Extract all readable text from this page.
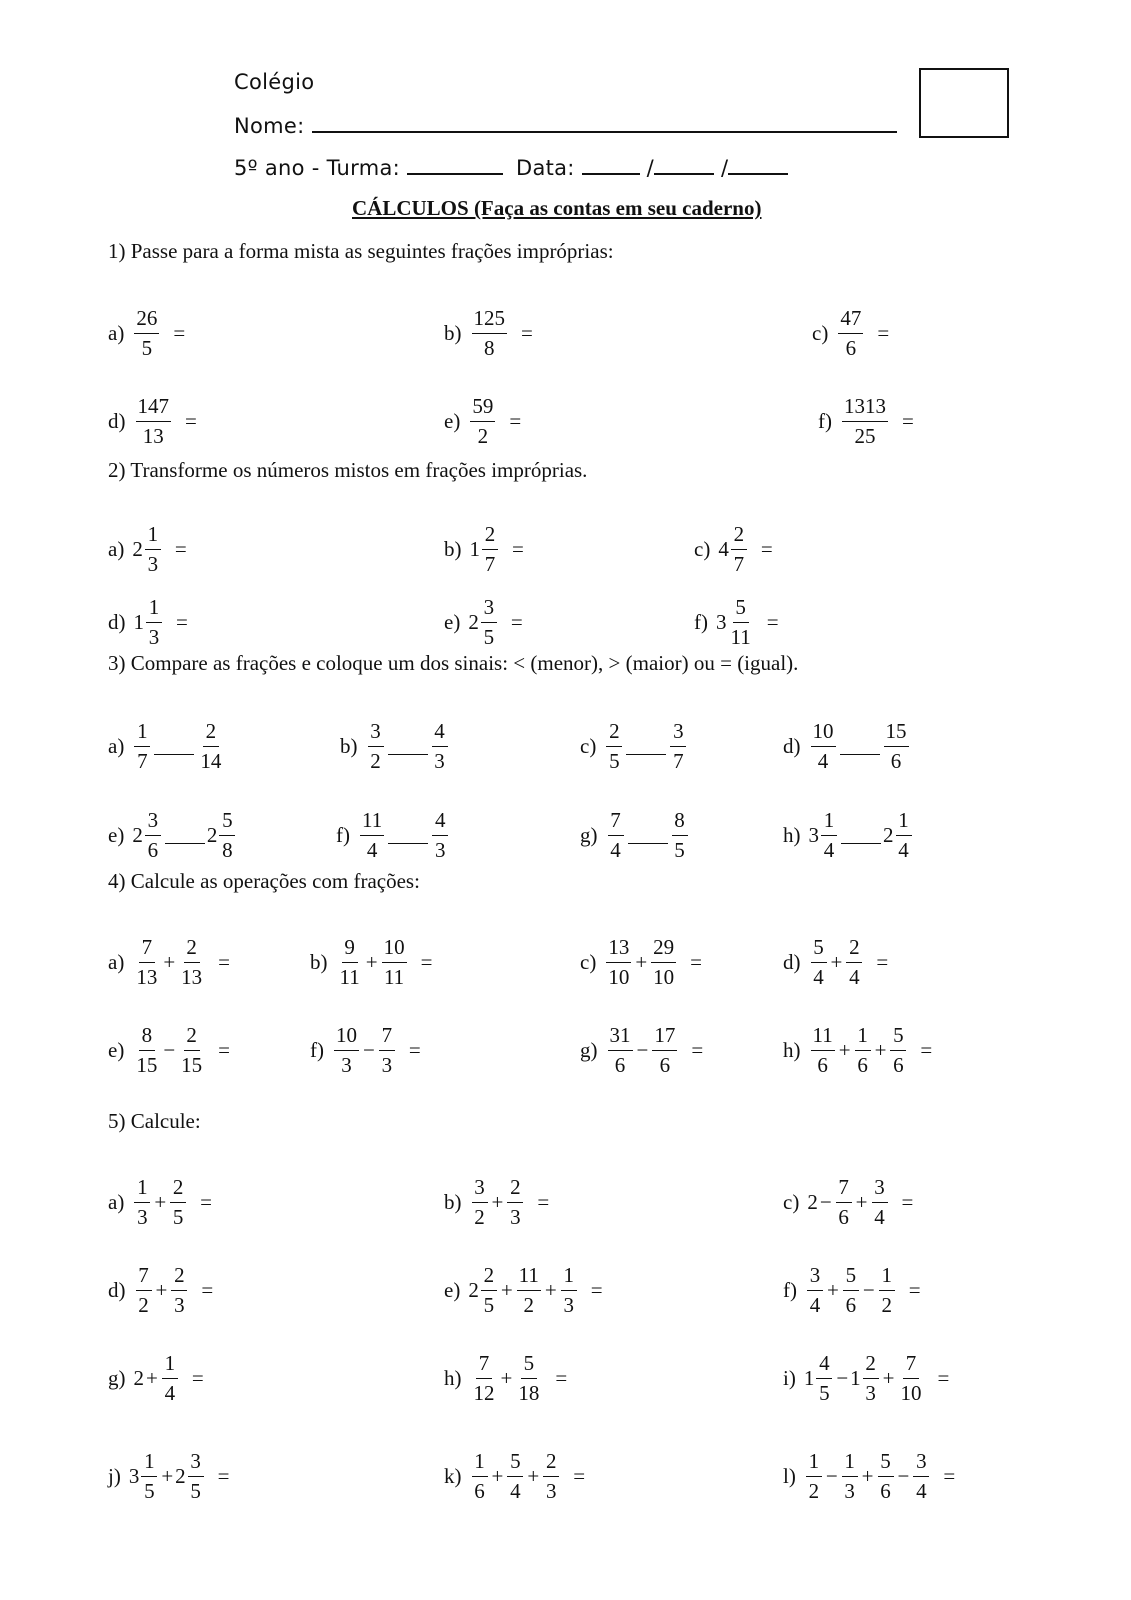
Colégio
Nome:
5º ano - Turma:	Data:	/	/
CÁLCULOS (Faça as contas em seu caderno)
1) Passe para a forma mista as seguintes frações impróprias:
2) Transforme os números mistos em frações impróprias.
3) Compare as frações e coloque um dos sinais: < (menor), > (maior) ou = (igual).
4) Calcule as operações com frações:
5) Calcule:
$a) \frac{26}{5}$ =	$b) \frac{125}{8}$ =	$c) \frac{47}{6}$ =
$d) \frac{147}{13}$ =	$e) \frac{59}{2}$ =	$f) \frac{1313}{25}$ =
a) $2 \frac{1}{3}$ =	b) $1 \frac{2}{7}$ =	c) $4 \frac{2}{7}$ =
d) $1 \frac{1}{3}$ =	e) $2 \frac{3}{5}$ =	f) $3 \frac{5}{11}$ =
$a) \frac{1}{7} \frac{2}{14}$	$b) \frac{3}{2} \frac{4}{3}$	$c) \frac{2}{5} \frac{3}{7}$	$d) \frac{10}{4} \frac{15}{6}$
e) $2 \frac{3}{6} 2 \frac{5}{8}$	$f) \frac{11}{4} \frac{4}{3}$	$g) \frac{7}{4} \frac{8}{5}$	h) $3 \frac{1}{4} 2 \frac{1}{4}$
$a) \frac{7}{13} + \frac{2}{13}$ =	$b) \frac{9}{11} + \frac{10}{11}$ =	$c) \frac{13}{10} + \frac{29}{10}$ =	$d) \frac{5}{4} + \frac{2}{4}$ =
$e) \frac{8}{15} - \frac{2}{15}$ =	$f) \frac{10}{3} - \frac{7}{3}$ =	$g) \frac{31}{6} - \frac{17}{6}$ =	$h) \frac{11}{6} + \frac{1}{6} + \frac{5}{6}$ =
$a) \frac{1}{3} + \frac{2}{5}$ =	$b) \frac{3}{2} + \frac{2}{3}$ =	c) $2 - \frac{7}{6} + \frac{3}{4}$ =
$d) \frac{7}{2} + \frac{2}{3}$ =	e) $2 \frac{2}{5} + \frac{11}{2} + \frac{1}{3}$ =	$f) \frac{3}{4} + \frac{5}{6} - \frac{1}{2}$ =
g) $2 + \frac{1}{4}$ =	$h) \frac{7}{12} + \frac{5}{18}$ =	i) $1 \frac{4}{5} - 1 \frac{2}{3} + \frac{7}{10}$ =
j) $3 \frac{1}{5} + 2 \frac{3}{5}$ =	$k) \frac{1}{6} + \frac{5}{4} + \frac{2}{3}$ =	$l) \frac{1}{2} - \frac{1}{3} + \frac{5}{6} - \frac{3}{4}$ =
